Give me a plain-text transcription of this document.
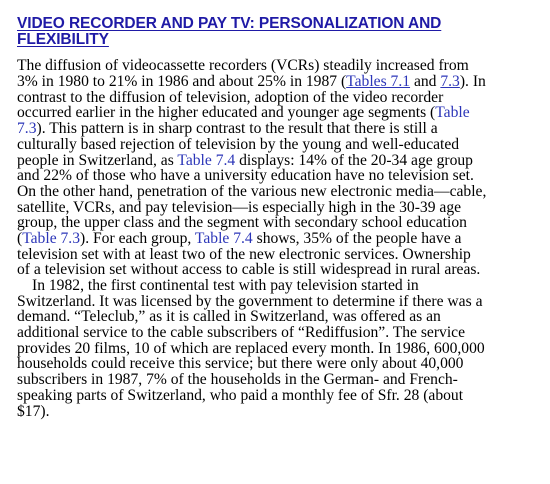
VIDEO RECORDER AND PAY TV: PERSONALIZATION AND
FLEXIBILITY
The diffusion of videocassette recorders (VCRs) steadily increased from
3% in 1980 to 21% in 1986 and about 25% in 1987 (Tables 7.1 and 7.3). In
contrast to the diffusion of television, adoption of the video recorder
occurred earlier in the higher educated and younger age segments (Table
7.3). This pattern is in sharp contrast to the result that there is still a
culturally based rejection of television by the young and well-educated
people in Switzerland, as Table 7.4 displays: 14% of the 20-34 age group
and 22% of those who have a university education have no television set.
On the other hand, penetration of the various new electronic media—cable,
satellite, VCRs, and pay television—is especially high in the 30-39 age
group, the upper class and the segment with secondary school education
(Table 7.3). For each group, Table 7.4 shows, 35% of the people have a
television set with at least two of the new electronic services. Ownership
of a television set without access to cable is still widespread in rural areas.
In 1982, the first continental test with pay television started in
Switzerland. It was licensed by the government to determine if there was a
demand. “Teleclub,” as it is called in Switzerland, was offered as an
additional service to the cable subscribers of “Rediffusion”. The service
provides 20 films, 10 of which are replaced every month. In 1986, 600,000
households could receive this service; but there were only about 40,000
subscribers in 1987, 7% of the households in the German- and French-
speaking parts of Switzerland, who paid a monthly fee of Sfr. 28 (about
$17).
